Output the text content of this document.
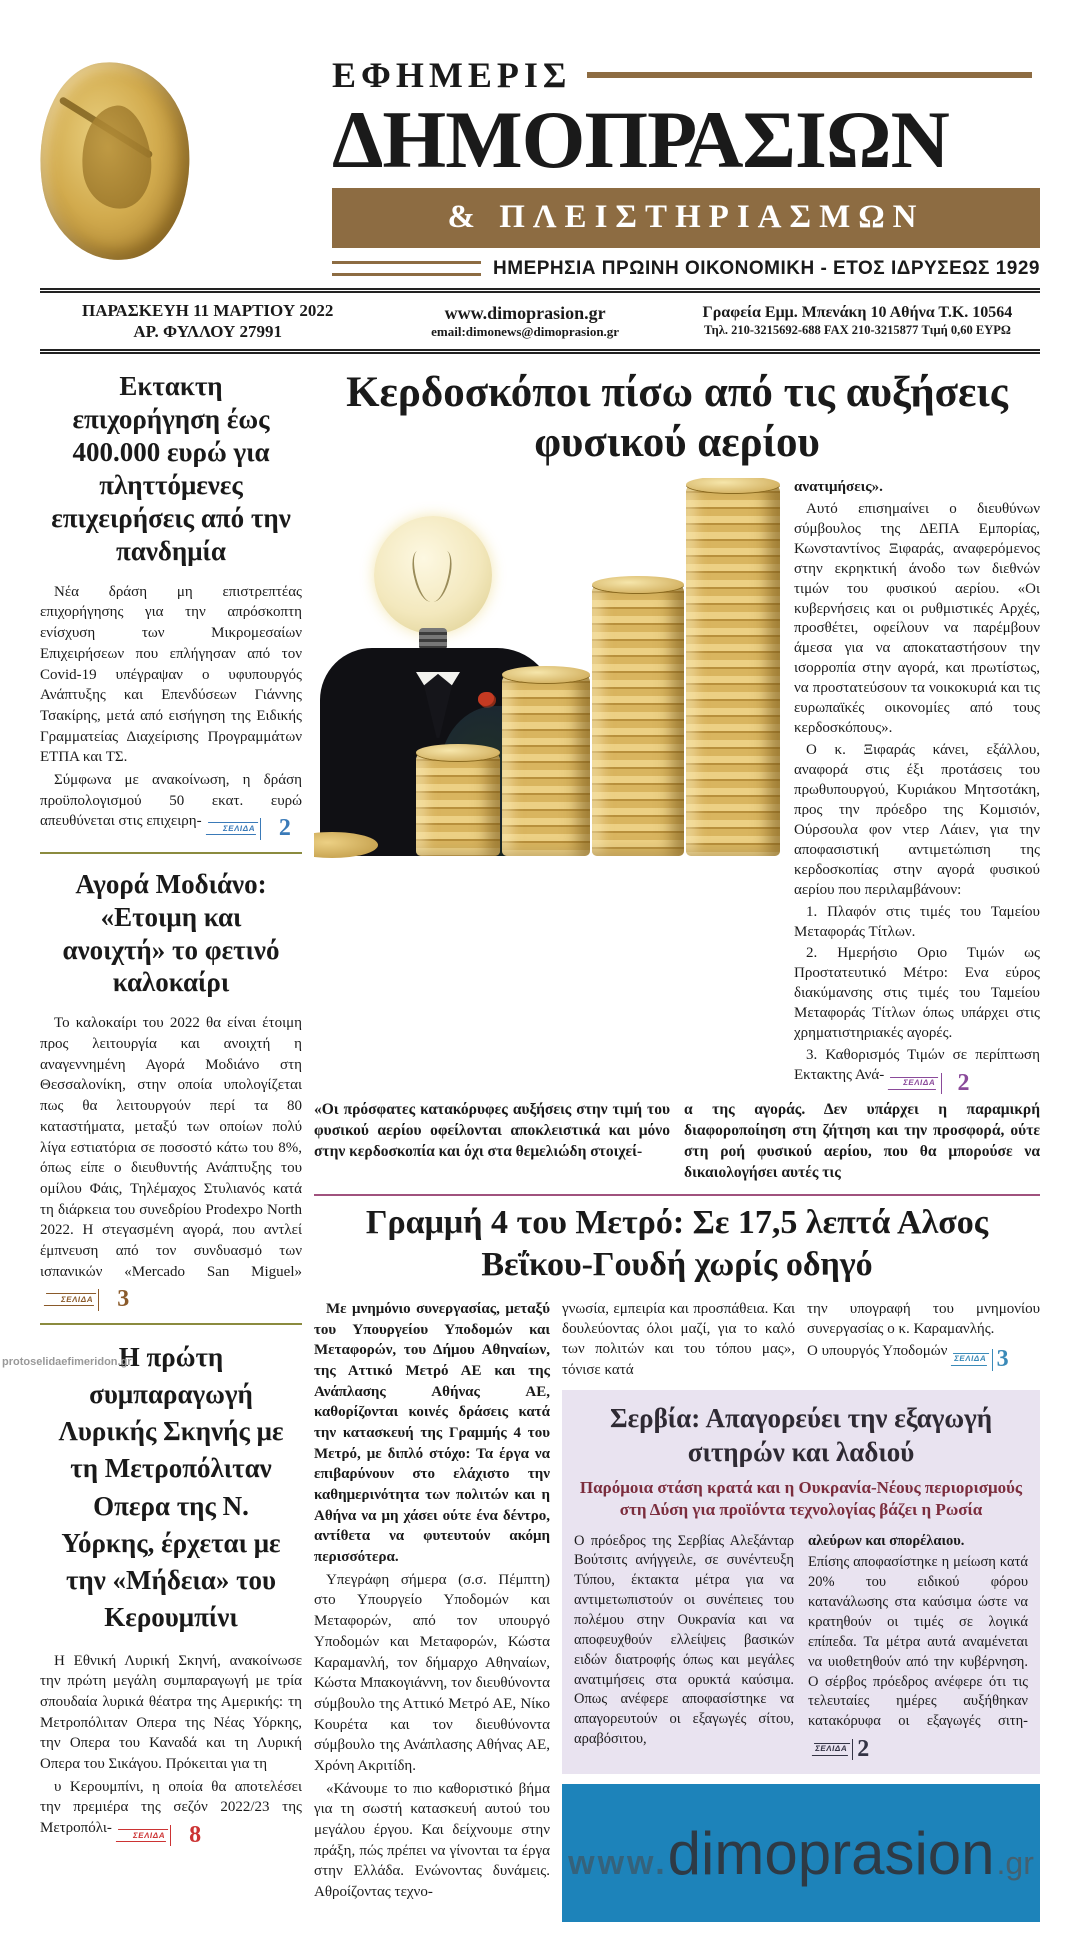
ΕΦΗΜΕΡΙΣ
ΔΗΜΟΠΡΑΣΙΩΝ
& ΠΛΕΙΣΤΗΡΙΑΣΜΩΝ
ΗΜΕΡΗΣΙΑ ΠΡΩΙΝΗ ΟΙΚΟΝΟΜΙΚΗ - ΕΤΟΣ ΙΔΡΥΣΕΩΣ 1929
ΠΑΡΑΣΚΕΥΗ 11 ΜΑΡΤΙΟΥ 2022
ΑΡ. ΦΥΛΛΟΥ 27991
www.dimoprasion.gr
email:dimonews@dimoprasion.gr
Γραφεία Εμμ. Μπενάκη 10 Αθήνα Τ.Κ. 10564
Τηλ. 210-3215692-688 FAX 210-3215877 Τιμή 0,60 ΕΥΡΩ
Εκτακτη επιχορήγηση έως 400.000 ευρώ για πληττόμενες επιχειρήσεις από την πανδημία

Νέα δράση μη επιστρεπτέας επιχορήγησης για την απρόσκοπτη ενίσχυση των Μικρομεσαίων Επιχειρήσεων που επλήγησαν από τον Covid-19 υπέγραψαν ο υφυπουργός Ανάπτυξης και Επενδύσεων Γιάννης Τσακίρης, μετά από εισήγηση της Ειδικής Γραμματείας Διαχείρισης Προγραμμάτων ΕΤΠΑ και ΤΣ.

Σύμφωνα με ανακοίνωση, η δράση προϋπολογισμού 50 εκατ. ευρώ απευθύνεται στις επιχειρη-	ΣΕΛΙΔΑ 2

Αγορά Μοδιάνο: «Ετοιμη και ανοιχτή» το φετινό καλοκαίρι

Το καλοκαίρι του 2022 θα είναι έτοιμη προς λειτουργία και ανοιχτή η αναγεννημένη Αγορά Μοδιάνο στη Θεσσαλονίκη, στην οποία υπολογίζεται πως θα λειτουργούν περί τα 80 καταστήματα, μεταξύ των οποίων πολύ λίγα εστιατόρια σε ποσοστό κάτω του 8%, όπως είπε ο διευθυντής Ανάπτυξης του ομίλου Φάις, Τηλέμαχος Στυλιανός κατά τη διάρκεια του συνεδρίου Prodexpo North 2022. Η στεγασμένη αγορά, που αντλεί έμπνευση από τον συνδυασμό των ισπανικών «Mercado San Miguel»
ΣΕΛΙΔΑ 3

Η πρώτη συμπαραγωγή Λυρικής Σκηνής με τη Μετροπόλιταν Οπερα της Ν. Υόρκης, έρχεται με την «Μήδεια» του Κερουμπίνι

Η Εθνική Λυρική Σκηνή, ανακοίνωσε την πρώτη μεγάλη συμπαραγωγή με τρία σπουδαία λυρικά θέατρα της Αμερικής: τη Μετροπόλιταν Οπερα της Νέας Υόρκης, την Οπερα του Καναδά και τη Λυρική Οπερα του Σικάγου. Πρόκειται για τη

υ Κερουμπίνι, η οποία θα αποτελέσει την πρεμιέρα της σεζόν 2022/23 της Μετροπόλι-	ΣΕΛΙΔΑ 8

Κερδοσκόποι πίσω από τις αυξήσεις φυσικού αερίου

ανατιμήσεις».

Αυτό επισημαίνει ο διευθύνων σύμβουλος της ΔΕΠΑ Εμπορίας, Κωνσταντίνος Ξιφαράς, αναφερόμενος στην εκρηκτική άνοδο των διεθνών τιμών του φυσικού αερίου. «Οι κυβερνήσεις και οι ρυθμιστικές Αρχές, προσθέτει, οφείλουν να παρέμβουν άμεσα για να αποκαταστήσουν την ισορροπία στην αγορά, και πρωτίστως, να προστατεύσουν τα νοικοκυριά και τις ευρωπαϊκές οικονομίες από τους κερδοσκόπους».

Ο κ. Ξιφαράς κάνει, εξάλλου, αναφορά στις έξι προτάσεις του πρωθυπουργού, Κυριάκου Μητσοτάκη, προς την πρόεδρο της Κομισιόν, Ούρσουλα φον ντερ Λάιεν, για την αποφασιστική αντιμετώπιση της κερδοσκοπίας στην αγορά φυσικού αερίου που περιλαμβάνουν:

1. Πλαφόν στις τιμές του Ταμείου Μεταφοράς Τίτλων.

2. Ημερήσιο Οριο Τιμών ως Προστατευτικό Μέτρο: Ενα εύρος διακύμανσης στις τιμές του Ταμείου Μεταφοράς Τίτλων όπως υπάρχει στις χρηματιστηριακές αγορές.

3. Καθορισμός Τιμών σε περίπτωση Εκτακτης Ανά-	ΣΕΛΙΔΑ 2

«Οι πρόσφατες κατακόρυφες αυξήσεις στην τιμή του φυσικού αερίου οφείλονται αποκλειστικά και μόνο στην κερδοσκοπία και όχι στα θεμελιώδη στοιχεί-

α της αγοράς. Δεν υπάρχει η παραμικρή διαφοροποίηση στη ζήτηση και την προσφορά, ούτε στη ροή φυσικού αερίου, που θα μπορούσε να δικαιολογήσει αυτές τις

Γραμμή 4 του Μετρό: Σε 17,5 λεπτά Αλσος Βεΐκου-Γουδή χωρίς οδηγό

Με μνημόνιο συνεργασίας, μεταξύ του Υπουργείου Υποδομών και Μεταφορών, του Δήμου Αθηναίων, της Αττικό Μετρό ΑΕ και της Ανάπλασης Αθήνας ΑΕ, καθορίζονται κοινές δράσεις κατά την κατασκευή της Γραμμής 4 του Μετρό, με διπλό στόχο: Τα έργα να επιβαρύνουν στο ελάχιστο την καθημερινότητα των πολιτών και η Αθήνα να μη χάσει ούτε ένα δέντρο, αντίθετα να φυτευτούν ακόμη περισσότερα.

Υπεγράφη σήμερα (σ.σ. Πέμπτη) στο Υπουργείο Υποδομών και Μεταφορών, από τον υπουργό Υποδομών και Μεταφορών, Κώστα Καραμανλή, τον δήμαρχο Αθηναίων, Κώστα Μπακογιάννη, τον διευθύνοντα σύμβουλο της Αττικό Μετρό ΑΕ, Νίκο Κουρέτα και τον διευθύνοντα σύμβουλο της Ανάπλασης Αθήνας ΑΕ, Χρόνη Ακριτίδη.

«Κάνουμε το πιο καθοριστικό βήμα για τη σωστή κατασκευή αυτού του μεγάλου έργου. Και δείχνουμε στην πράξη, πώς πρέπει να γίνονται τα έργα στην Ελλάδα. Ενώνοντας δυνάμεις. Αθροίζοντας τεχνο-

γνωσία, εμπειρία και προσπάθεια. Και δουλεύοντας όλοι μαζί, για το καλό των πολιτών και του τόπου μας», τόνισε κατά

την υπογραφή του μνημονίου συνεργασίας ο κ. Καραμανλής.

Ο υπουργός Υποδομών ΣΕΛΙΔΑ 3

Σερβία: Απαγορεύει την εξαγωγή σιτηρών και λαδιού
Παρόμοια στάση κρατά και η Ουκρανία-Νέους περιορισμούς στη Δύση για προϊόντα τεχνολογίας βάζει η Ρωσία

Ο πρόεδρος της Σερβίας Αλεξάνταρ Βούτσιτς ανήγγειλε, σε συνέντευξη Τύπου, έκτακτα μέτρα για να αντιμετωπιστούν οι συνέπειες του πολέμου στην Ουκρανία και να αποφευχθούν ελλείψεις βασικών ειδών διατροφής όπως και μεγάλες ανατιμήσεις στα ορυκτά καύσιμα. Οπως ανέφερε αποφασίστηκε να απαγορευτούν οι εξαγωγές σίτου, αραβόσιτου,

αλεύρων και σπορέλαιου.

Επίσης αποφασίστηκε η μείωση κατά 20% του ειδικού φόρου κατανάλωσης στα καύσιμα ώστε να κρατηθούν οι τιμές σε λογικά επίπεδα. Τα μέτρα αυτά αναμένεται να υιοθετηθούν από την κυβέρνηση. Ο σέρβος πρόεδρος ανέφερε ότι τις τελευταίες ημέρες αυξήθηκαν κατακόρυφα οι εξαγωγές σιτη-
ΣΕΛΙΔΑ 2

www. dimoprasion .gr
protoselidaefimeridon.gr
